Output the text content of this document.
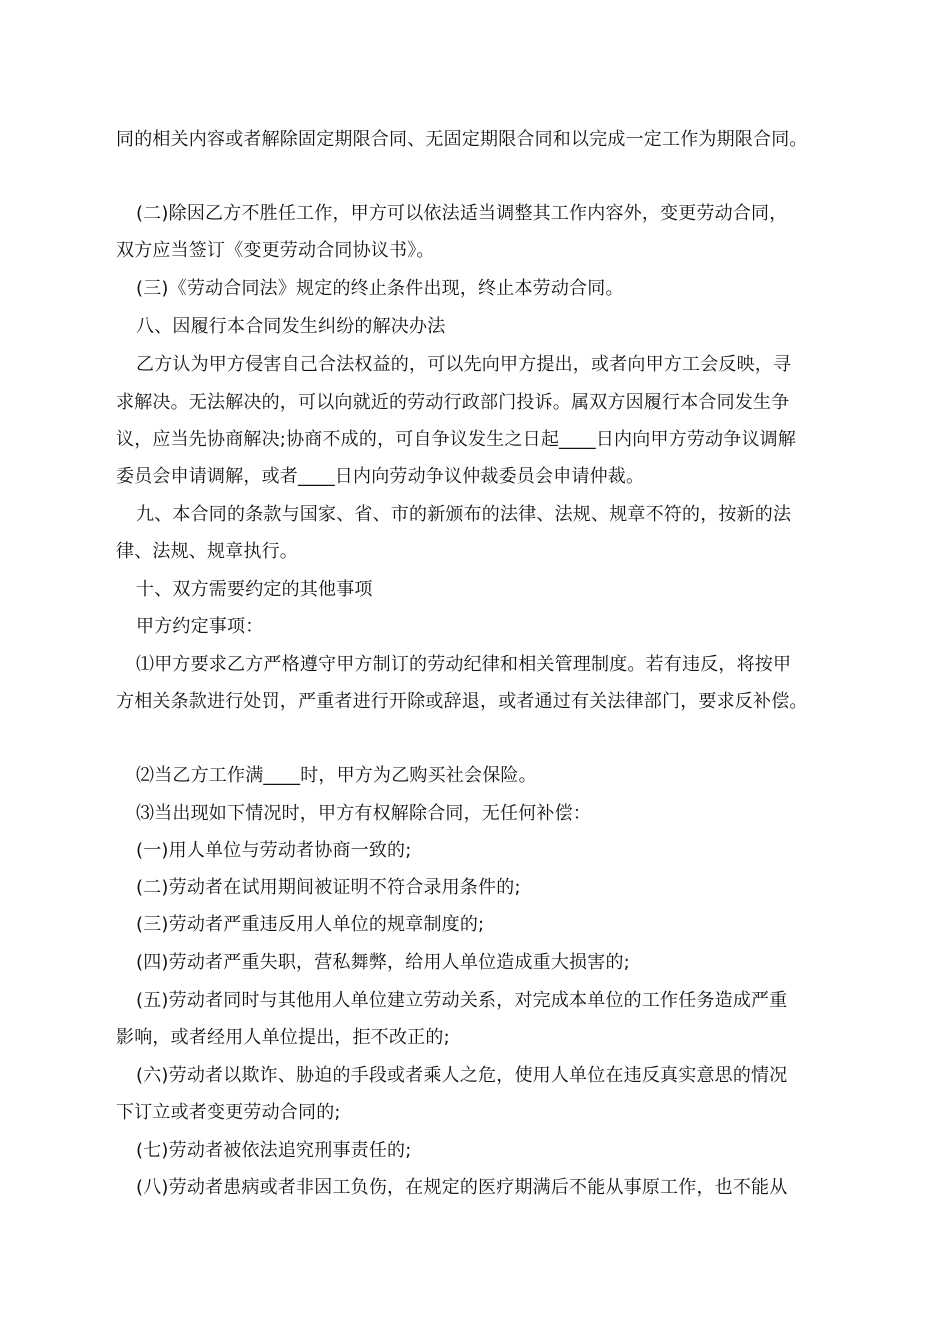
同的相关内容或者解除固定期限合同、无固定期限合同和以完成一定工作为期限合同。
(二)除因乙方不胜任工作，甲方可以依法适当调整其工作内容外，变更劳动合同，
双方应当签订《变更劳动合同协议书》。
(三)《劳动合同法》规定的终止条件出现，终止本劳动合同。
八、因履行本合同发生纠纷的解决办法
乙方认为甲方侵害自己合法权益的，可以先向甲方提出，或者向甲方工会反映，寻
求解决。无法解决的，可以向就近的劳动行政部门投诉。属双方因履行本合同发生争
议，应当先协商解决;协商不成的，可自争议发生之日起____日内向甲方劳动争议调解
委员会申请调解，或者____日内向劳动争议仲裁委员会申请仲裁。
九、本合同的条款与国家、省、市的新颁布的法律、法规、规章不符的，按新的法
律、法规、规章执行。
十、双方需要约定的其他事项
甲方约定事项：
⑴甲方要求乙方严格遵守甲方制订的劳动纪律和相关管理制度。若有违反，将按甲
方相关条款进行处罚，严重者进行开除或辞退，或者通过有关法律部门，要求反补偿。
⑵当乙方工作满____时，甲方为乙购买社会保险。
⑶当出现如下情况时，甲方有权解除合同，无任何补偿：
(一)用人单位与劳动者协商一致的;
(二)劳动者在试用期间被证明不符合录用条件的;
(三)劳动者严重违反用人单位的规章制度的;
(四)劳动者严重失职，营私舞弊，给用人单位造成重大损害的;
(五)劳动者同时与其他用人单位建立劳动关系，对完成本单位的工作任务造成严重
影响，或者经用人单位提出，拒不改正的;
(六)劳动者以欺诈、胁迫的手段或者乘人之危，使用人单位在违反真实意思的情况
下订立或者变更劳动合同的;
(七)劳动者被依法追究刑事责任的;
(八)劳动者患病或者非因工负伤，在规定的医疗期满后不能从事原工作，也不能从
